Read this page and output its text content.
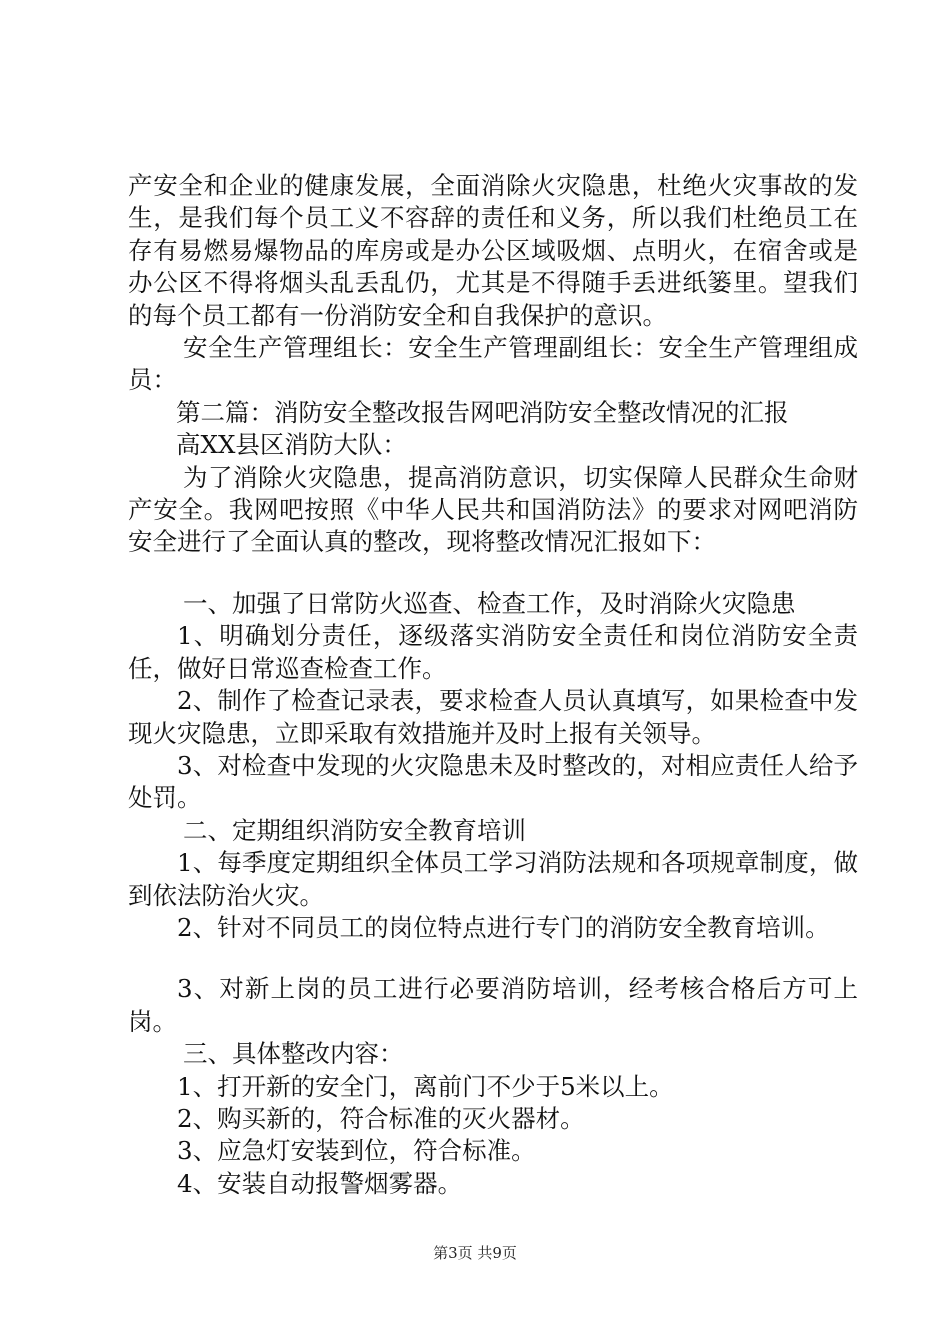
产安全和企业的健康发展，全面消除火灾隐患，杜绝火灾事故的发生，是我们每个员工义不容辞的责任和义务，所以我们杜绝员工在存有易燃易爆物品的库房或是办公区域吸烟、点明火，在宿舍或是办公区不得将烟头乱丢乱仍，尤其是不得随手丢进纸篓里。望我们的每个员工都有一份消防安全和自我保护的意识。

安全生产管理组长：安全生产管理副组长：安全生产管理组成员：

第二篇：消防安全整改报告网吧消防安全整改情况的汇报

高XX县区消防大队：

为了消除火灾隐患，提高消防意识，切实保障人民群众生命财产安全。我网吧按照《中华人民共和国消防法》的要求对网吧消防安全进行了全面认真的整改，现将整改情况汇报如下：

一、加强了日常防火巡查、检查工作，及时消除火灾隐患

1、明确划分责任，逐级落实消防安全责任和岗位消防安全责任，做好日常巡查检查工作。

2、制作了检查记录表，要求检查人员认真填写，如果检查中发现火灾隐患，立即采取有效措施并及时上报有关领导。

3、对检查中发现的火灾隐患未及时整改的，对相应责任人给予处罚。

二、定期组织消防安全教育培训

1、每季度定期组织全体员工学习消防法规和各项规章制度，做到依法防治火灾。

2、针对不同员工的岗位特点进行专门的消防安全教育培训。

3、对新上岗的员工进行必要消防培训，经考核合格后方可上岗。

三、具体整改内容：

1、打开新的安全门，离前门不少于5米以上。

2、购买新的，符合标准的灭火器材。

3、应急灯安装到位，符合标准。

4、安装自动报警烟雾器。

第3页 共9页
